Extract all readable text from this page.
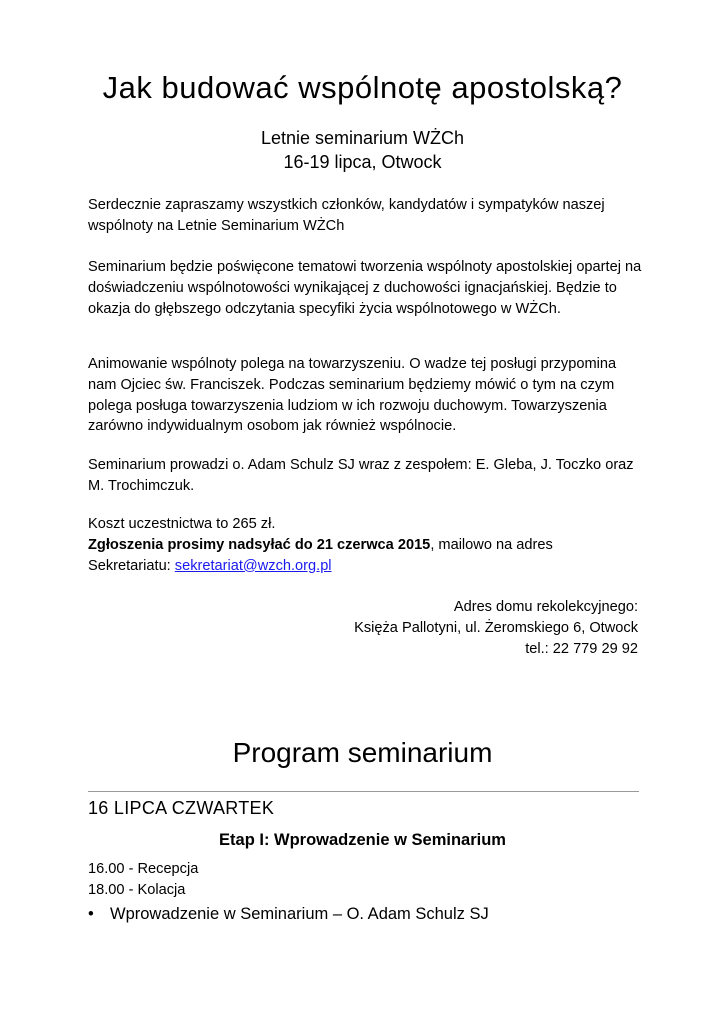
Jak budować wspólnotę apostolską?
Letnie seminarium WŻCh
16-19 lipca, Otwock

Serdecznie zapraszamy wszystkich członków, kandydatów i sympatyków naszej wspólnoty na Letnie Seminarium WŻCh

Seminarium będzie poświęcone tematowi tworzenia wspólnoty apostolskiej opartej na doświadczeniu wspólnotowości wynikającej z duchowości ignacjańskiej. Będzie to okazja do głębszego odczytania specyfiki życia wspólnotowego w WŻCh.

Animowanie wspólnoty polega na towarzyszeniu. O wadze tej posługi przypomina nam Ojciec św. Franciszek. Podczas seminarium będziemy mówić o tym na czym polega posługa towarzyszenia ludziom w ich rozwoju duchowym. Towarzyszenia zarówno indywidualnym osobom jak również wspólnocie.

Seminarium prowadzi o. Adam Schulz SJ wraz z zespołem: E. Gleba, J. Toczko oraz M. Trochimczuk.

Koszt uczestnictwa to 265 zł.
Zgłoszenia prosimy nadsyłać do 21 czerwca 2015, mailowo na adres
Sekretariatu: sekretariat@wzch.org.pl

Adres domu rekolekcyjnego:
Księża Pallotyni, ul. Żeromskiego 6, Otwock
tel.: 22 779 29 92
Program seminarium
16 LIPCA CZWARTEK
Etap I: Wprowadzenie w Seminarium
16.00 - Recepcja
18.00 - Kolacja
• Wprowadzenie w Seminarium – O. Adam Schulz SJ
